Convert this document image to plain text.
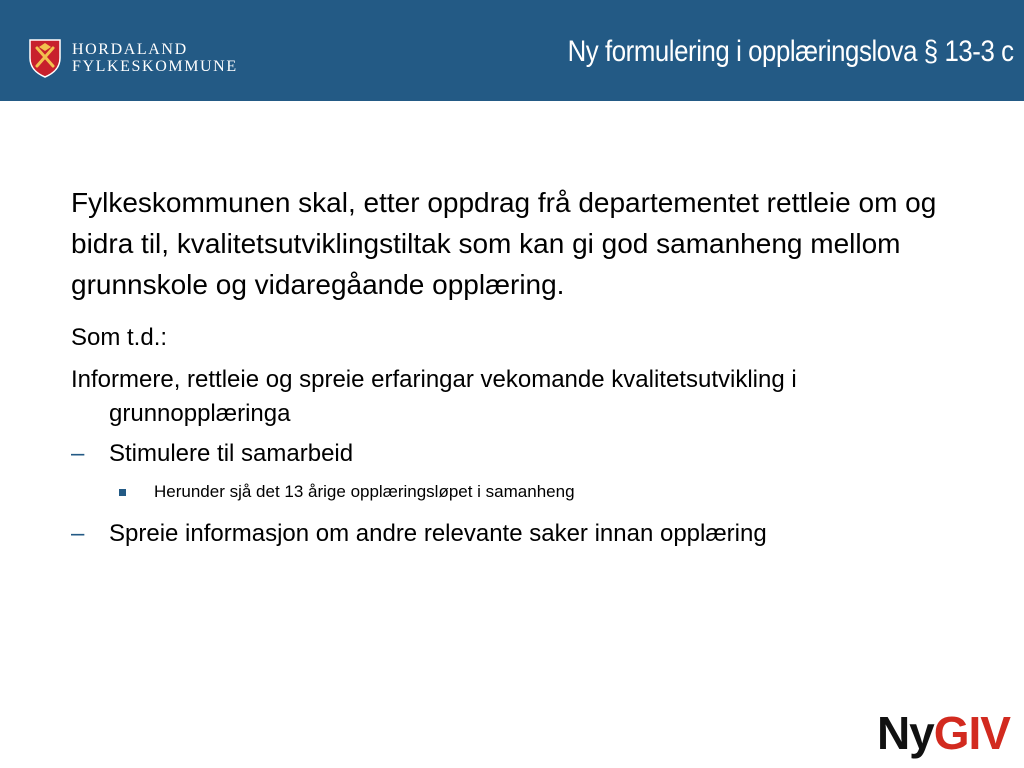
HORDALAND
FYLKESKOMMUNE	Ny formulering i opplæringslova § 13-3 c

Fylkeskommunen skal, etter oppdrag frå departementet rettleie om og bidra til, kvalitetsutviklingstiltak som kan gi god samanheng mellom grunnskole og vidaregåande opplæring.

Som t.d.:

Informere, rettleie og spreie erfaringar vekomande kvalitetsutvikling i grunnopplæringa

– Stimulere til samarbeid
Herunder sjå det 13 årige opplæringsløpet i samanheng
– Spreie informasjon om andre relevante saker innan opplæring
NyGIV
